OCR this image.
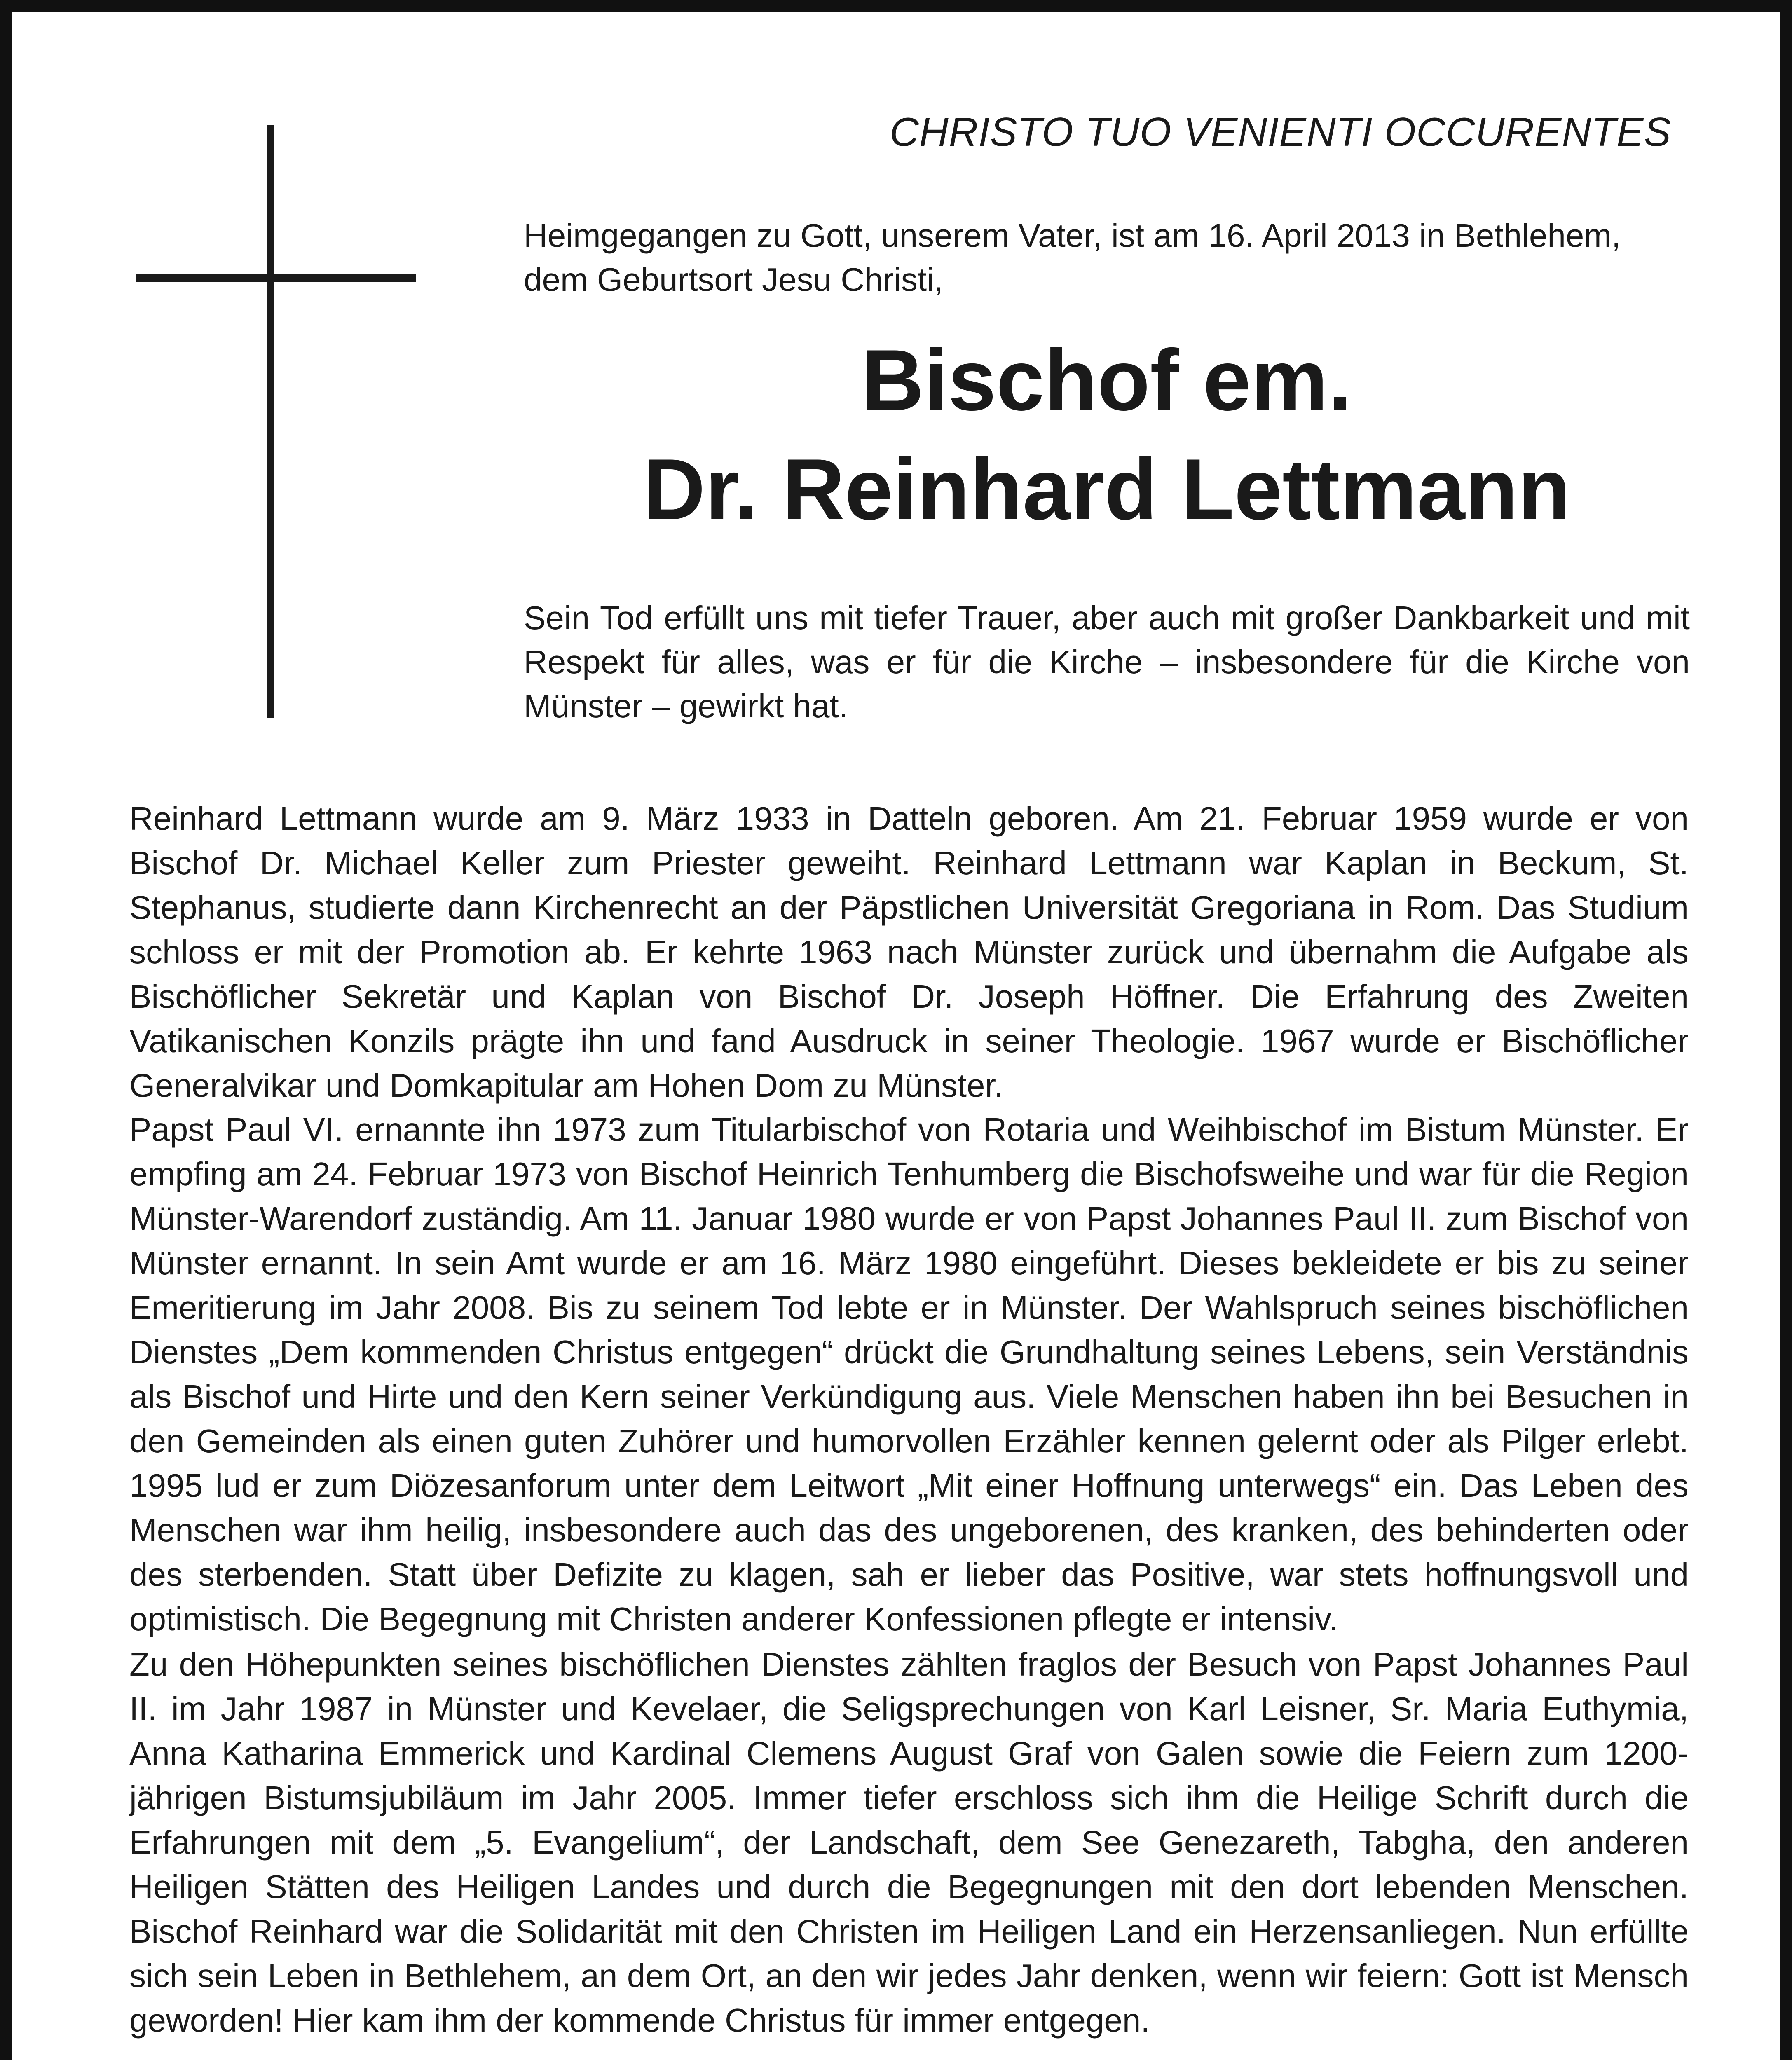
CHRISTO TUO VENIENTI OCCURENTES
Heimgegangen zu Gott, unserem Vater, ist am 16. April 2013 in Bethlehem,
dem Geburtsort Jesu Christi,
Bischof em.
Dr. Reinhard Lettmann
Sein Tod erfüllt uns mit tiefer Trauer, aber auch mit großer Dankbarkeit und mit Respekt für alles, was er für die Kirche – insbesondere für die Kirche von Münster – gewirkt hat.
Reinhard Lettmann wurde am 9. März 1933 in Datteln geboren. Am 21. Februar 1959 wurde er von Bischof Dr. Michael Keller zum Priester geweiht. Reinhard Lettmann war Kaplan in Beckum, St. Stephanus, studierte dann Kirchenrecht an der Päpstlichen Universität Gregoriana in Rom. Das Studium schloss er mit der Promotion ab. Er kehrte 1963 nach Münster zurück und übernahm die Aufgabe als Bischöflicher Sekretär und Kaplan von Bischof Dr. Joseph Höffner. Die Erfahrung des Zweiten Vatikanischen Konzils prägte ihn und fand Ausdruck in seiner Theologie. 1967 wurde er Bischöflicher Generalvikar und Domkapitular am Hohen Dom zu Münster.
Papst Paul VI. ernannte ihn 1973 zum Titularbischof von Rotaria und Weihbischof im Bistum Münster. Er empfing am 24. Februar 1973 von Bischof Heinrich Tenhumberg die Bischofsweihe und war für die Region Münster-Warendorf zuständig. Am 11. Januar 1980 wurde er von Papst Johannes Paul II. zum Bischof von Münster ernannt. In sein Amt wurde er am 16. März 1980 eingeführt. Dieses bekleidete er bis zu seiner Emeritierung im Jahr 2008. Bis zu seinem Tod lebte er in Münster. Der Wahlspruch seines bischöflichen Dienstes „Dem kommenden Christus entgegen“ drückt die Grundhaltung seines Lebens, sein Verständnis als Bischof und Hirte und den Kern seiner Verkündigung aus. Viele Menschen haben ihn bei Besuchen in den Gemeinden als einen guten Zuhörer und humorvollen Erzähler kennen gelernt oder als Pilger erlebt. 1995 lud er zum Diözesanforum unter dem Leitwort „Mit einer Hoffnung unterwegs“ ein. Das Leben des Menschen war ihm heilig, insbesondere auch das des ungeborenen, des kranken, des behinderten oder des sterbenden. Statt über Defizite zu klagen, sah er lieber das Positive, war stets hoffnungsvoll und optimistisch. Die Begegnung mit Christen anderer Konfessionen pflegte er intensiv.
Zu den Höhepunkten seines bischöflichen Dienstes zählten fraglos der Besuch von Papst Johannes Paul II. im Jahr 1987 in Münster und Kevelaer, die Seligsprechungen von Karl Leisner, Sr. Maria Euthymia, Anna Katharina Emmerick und Kardinal Clemens August Graf von Galen sowie die Feiern zum 1200-jährigen Bistumsjubiläum im Jahr 2005. Immer tiefer erschloss sich ihm die Heilige Schrift durch die Erfahrungen mit dem „5. Evangelium“, der Landschaft, dem See Genezareth, Tabgha, den anderen Heiligen Stätten des Heiligen Landes und durch die Begegnungen mit den dort lebenden Menschen. Bischof Reinhard war die Solidarität mit den Christen im Heiligen Land ein Herzensanliegen. Nun erfüllte sich sein Leben in Bethlehem, an dem Ort, an den wir jedes Jahr denken, wenn wir feiern: Gott ist Mensch geworden! Hier kam ihm der kommende Christus für immer entgegen.
